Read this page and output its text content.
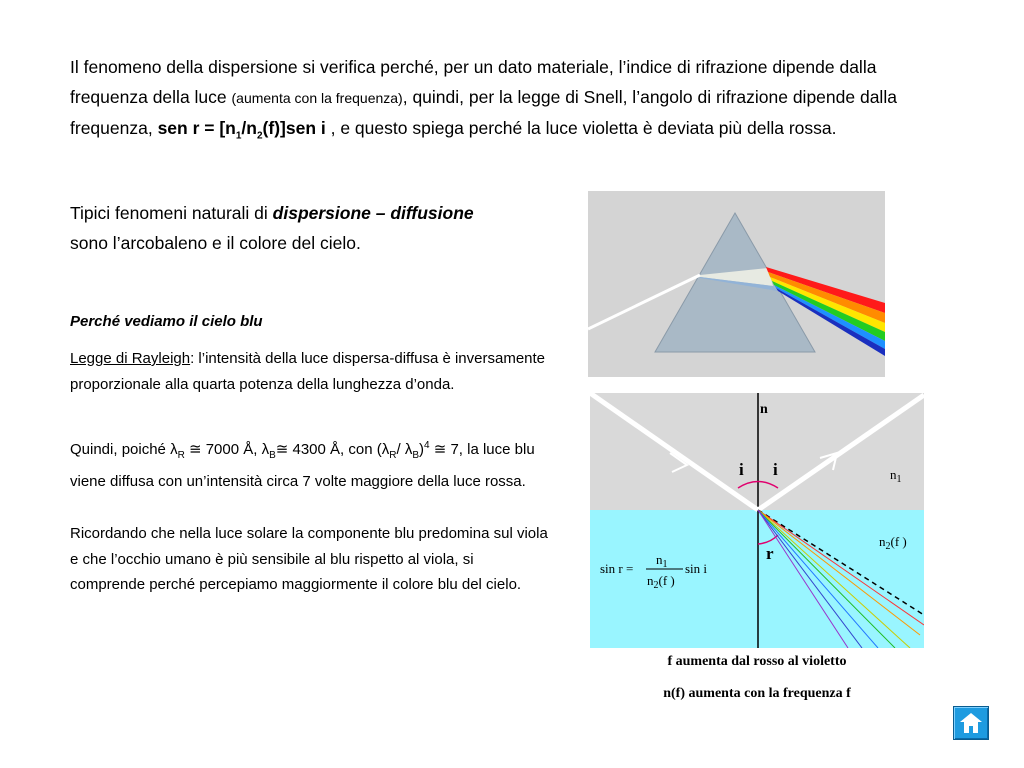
Il fenomeno della dispersione si verifica perché, per un dato materiale, l’indice di rifrazione dipende dalla frequenza della luce (aumenta con la frequenza), quindi, per la legge di Snell, l’angolo di rifrazione dipende dalla frequenza, sen $r = [n_1/n_2(f)]sen$ i , e questo spiega perché la luce violetta è deviata più della rossa.
Tipici fenomeni naturali di dispersione – diffusione
sono l’arcobaleno e il colore del cielo.
Perché vediamo il cielo blu
Legge di Rayleigh: l’intensità della luce dispersa-diffusa è inversamente proporzionale alla quarta potenza della lunghezza d’onda.
Quindi, poiché $\lambda_R$ ≅ 7000 Å, $\lambda_B≅$ 4300 Å, con ($\lambda_R/$ $\lambda_B)^4$ ≅ 7, la luce blu viene diffusa con un’intensità circa 7 volte maggiore della luce rossa.
Ricordando che nella luce solare la componente blu predomina sul viola e che l’occhio umano è più sensibile al blu rispetto al viola, si comprende perché percepiamo maggiormente il colore blu del cielo.
n
i i	$n_1$
r
$n_2(f$ )
sin r =
$n_1$
$n_2(f$ )
sin i
f aumenta dal rosso al violetto
n(f) aumenta con la frequenza f
